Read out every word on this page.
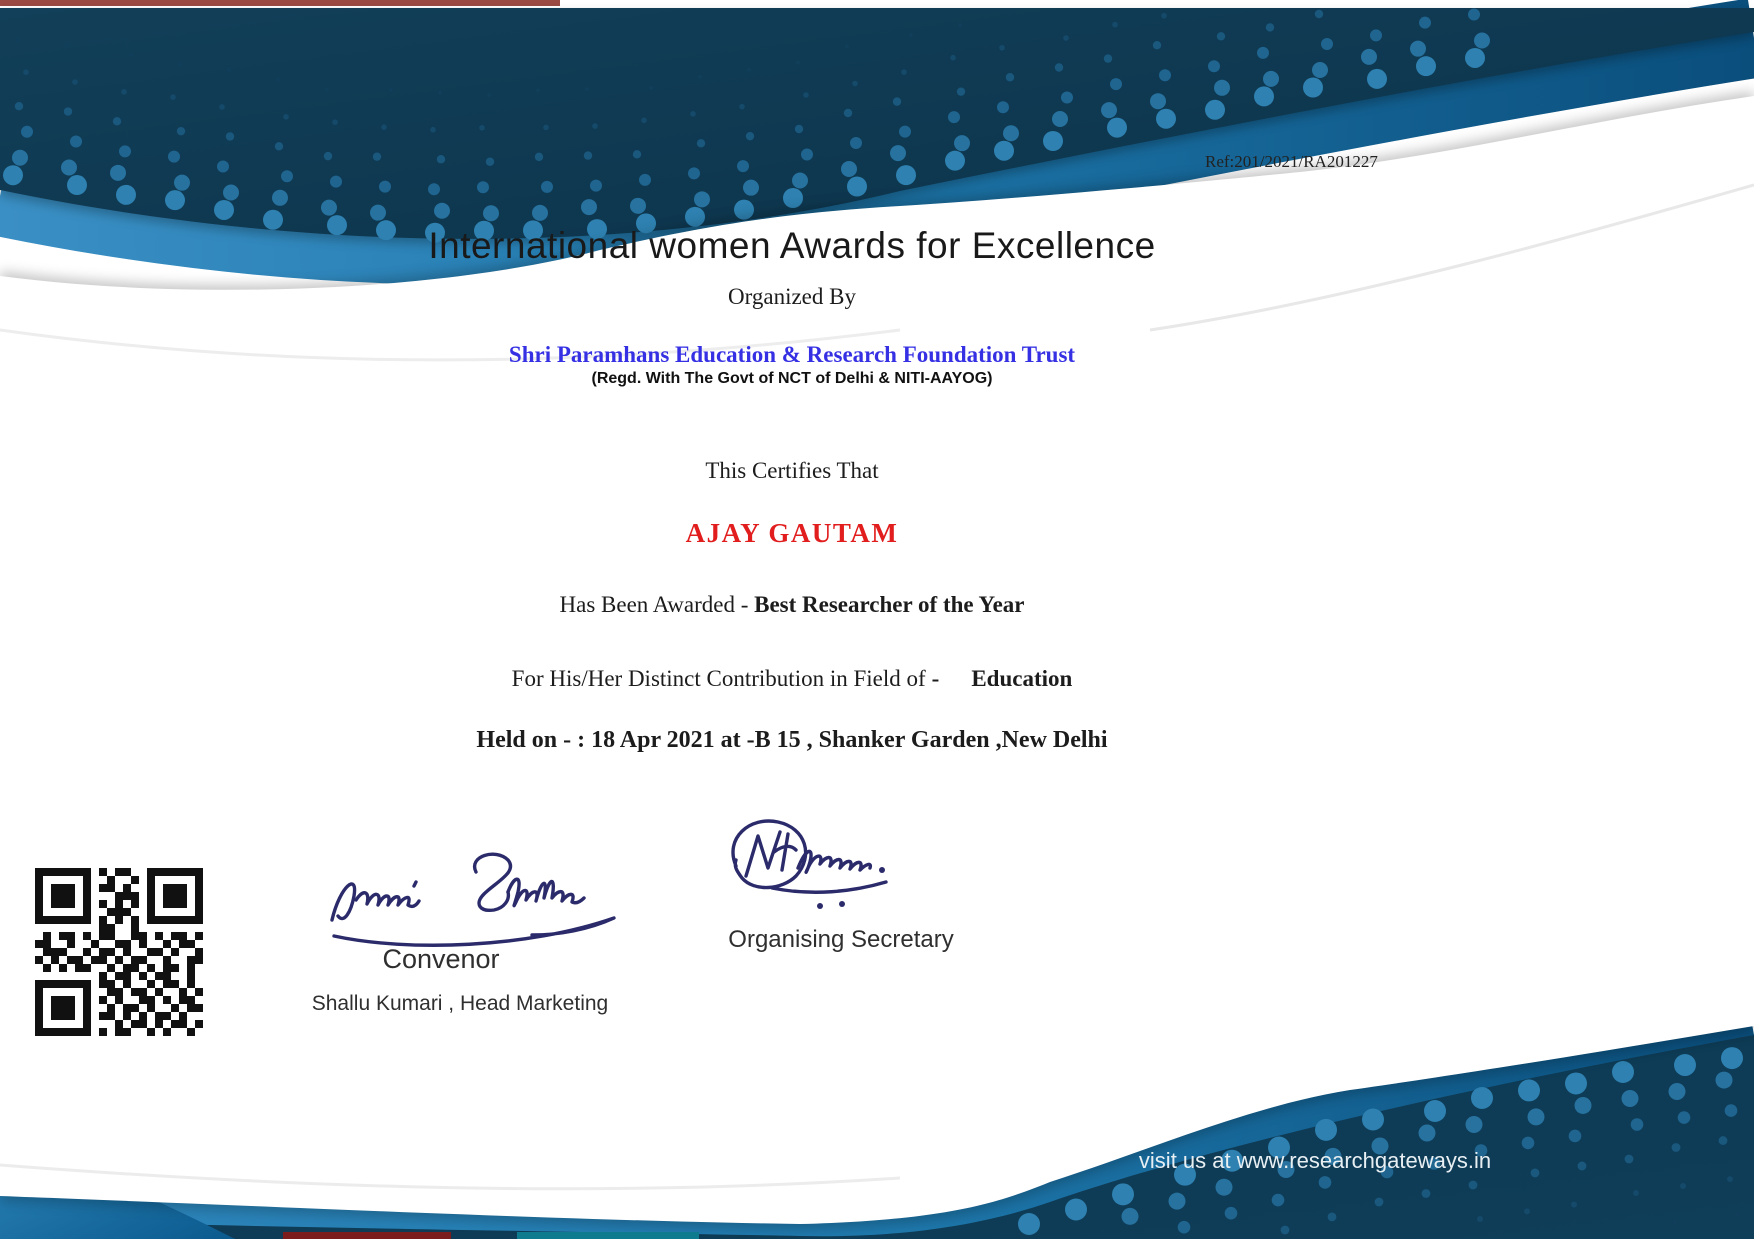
Ref:201/2021/RA201227
International women Awards for Excellence
Organized By
Shri Paramhans Education & Research Foundation Trust
(Regd. With The Govt of NCT of Delhi & NITI-AAYOG)
This Certifies That
AJAY GAUTAM
Has Been Awarded - Best Researcher of the Year
For His/Her Distinct Contribution in Field of - Education
Held on - : 18 Apr 2021 at -B 15 , Shanker Garden ,New Delhi
Convenor
Shallu Kumari , Head Marketing
Organising Secretary
visit us at www.researchgateways.in
